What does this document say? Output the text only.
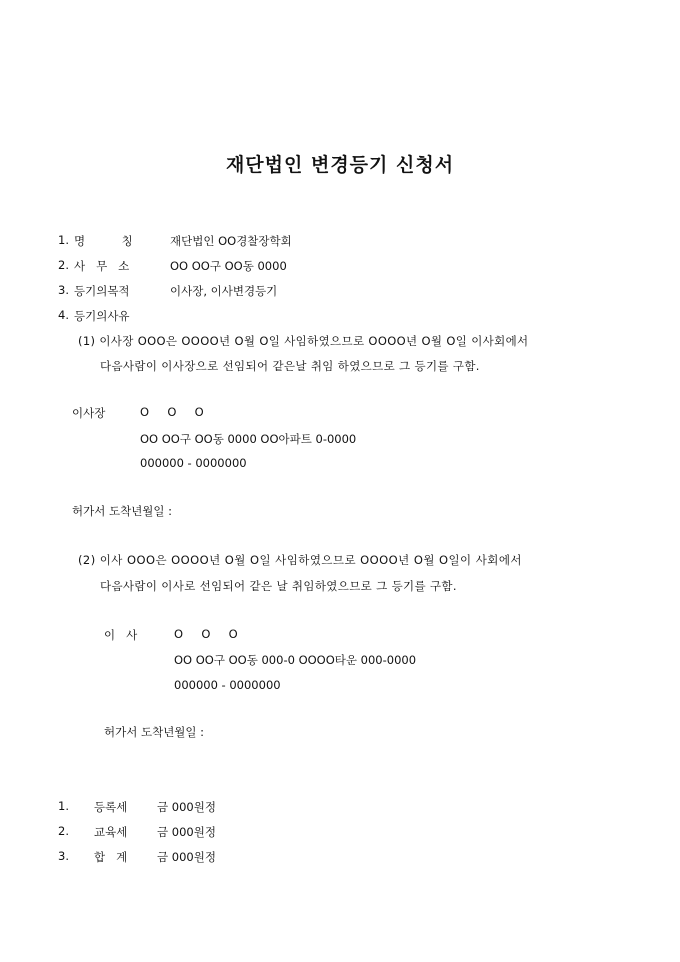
재단법인 변경등기 신청서
1. 명          칭	재단법인 OO경찰장학회
2. 사   무   소	OO OO구 OO동 0000
3. 등기의목적	이사장, 이사변경등기
4. 등기의사유
(1) 이사장 OOO은 OOOO년 O월 O일 사임하였으므로 OOOO년 O월 O일 이사회에서
다음사람이 이사장으로 선임되어 같은날 취임 하였으므로 그 등기를 구함.
이사장	O     O     O
OO OO구 OO동 0000 OO아파트 0-0000
000000 - 0000000
허가서 도착년월일 :
(2) 이사 OOO은 OOOO년 O월 O일 사임하였으므로 OOOO년 O월 O일이 사회에서
다음사람이 이사로 선임되어 같은 날 취임하였으므로 그 등기를 구함.
이   사	O     O     O
OO OO구 OO동 000-0 OOOO타운 000-0000
000000 - 0000000
허가서 도착년월일 :
1. 등록세	금 000원정
2. 교육세	금 000원정
3. 합   계	금 000원정
